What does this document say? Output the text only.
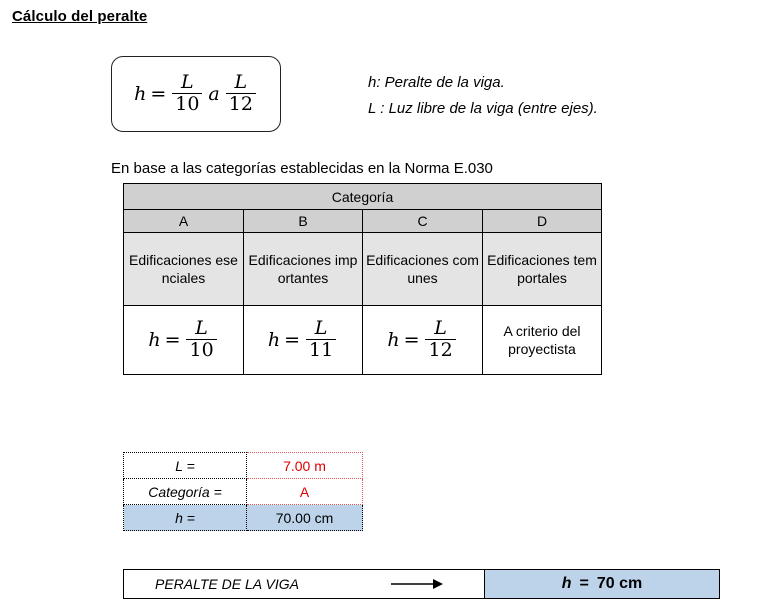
Cálculo del peralte
$h = \frac{L}{10}$ a $\frac{L}{12}$	h: Peralte de la viga.
L : Luz libre de la viga (entre ejes).
En base a las categorías establecidas en la Norma E.030
Categoría			
A	B	C	D
Edificaciones esenciales	Edificaciones importantes	Edificaciones comunes	Edificaciones temportales

$h = \frac{L}{10}$	$h = \frac{L}{11}$	$h = \frac{L}{12}$	A criterio del proyectista
L =	7.00 m
Categoría =	A
h =	70.00 cm
PERALTE DE LA VIGA	h = 70 cm
